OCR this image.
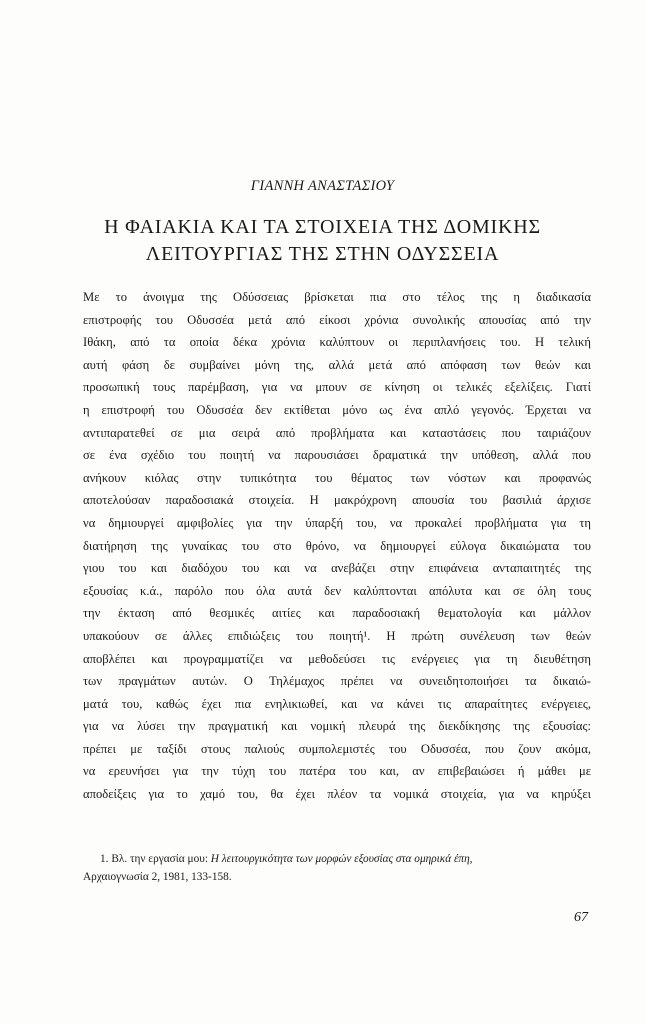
ΓΙΑΝΝΗ ΑΝΑΣΤΑΣΙΟΥ
Η ΦΑΙΑΚΙΑ ΚΑΙ ΤΑ ΣΤΟΙΧΕΙΑ ΤΗΣ ΔΟΜΙΚΗΣ
ΛΕΙΤΟΥΡΓΙΑΣ ΤΗΣ ΣΤΗΝ ΟΔΥΣΣΕΙΑ
Με το άνοιγμα της Οδύσσειας βρίσκεται πια στο τέλος της η διαδικασία
επιστροφής του Οδυσσέα μετά από είκοσι χρόνια συνολικής απουσίας από την
Ιθάκη, από τα οποία δέκα χρόνια καλύπτουν οι περιπλανήσεις του. Η τελική
αυτή φάση δε συμβαίνει μόνη της, αλλά μετά από απόφαση των θεών και
προσωπική τους παρέμβαση, για να μπουν σε κίνηση οι τελικές εξελίξεις. Γιατί
η επιστροφή του Οδυσσέα δεν εκτίθεται μόνο ως ένα απλό γεγονός. Έρχεται να
αντιπαρατεθεί σε μια σειρά από προβλήματα και καταστάσεις που ταιριάζουν
σε ένα σχέδιο του ποιητή να παρουσιάσει δραματικά την υπόθεση, αλλά που
ανήκουν κιόλας στην τυπικότητα του θέματος των νόστων και προφανώς
αποτελούσαν παραδοσιακά στοιχεία. Η μακρόχρονη απουσία του βασιλιά άρχισε
να δημιουργεί αμφιβολίες για την ύπαρξή του, να προκαλεί προβλήματα για τη
διατήρηση της γυναίκας του στο θρόνο, να δημιουργεί εύλογα δικαιώματα του
γιου του και διαδόχου του και να ανεβάζει στην επιφάνεια ανταπαιτητές της
εξουσίας κ.ά., παρόλο που όλα αυτά δεν καλύπτονται απόλυτα και σε όλη τους
την έκταση από θεσμικές αιτίες και παραδοσιακή θεματολογία και μάλλον
υπακούουν σε άλλες επιδιώξεις του ποιητή¹. Η πρώτη συνέλευση των θεών
αποβλέπει και προγραμματίζει να μεθοδεύσει τις ενέργειες για τη διευθέτηση
των πραγμάτων αυτών. Ο Τηλέμαχος πρέπει να συνειδητοποιήσει τα δικαιώ-
ματά του, καθώς έχει πια ενηλικιωθεί, και να κάνει τις απαραίτητες ενέργειες,
για να λύσει την πραγματική και νομική πλευρά της διεκδίκησης της εξουσίας:
πρέπει με ταξίδι στους παλιούς συμπολεμιστές του Οδυσσέα, που ζουν ακόμα,
να ερευνήσει για την τύχη του πατέρα του και, αν επιβεβαιώσει ή μάθει με
αποδείξεις για το χαμό του, θα έχει πλέον τα νομικά στοιχεία, για να κηρύξει
1. Βλ. την εργασία μου: Η λειτουργικότητα των μορφών εξουσίας στα ομηρικά έπη,
Αρχαιογνωσία 2, 1981, 133-158.
67
